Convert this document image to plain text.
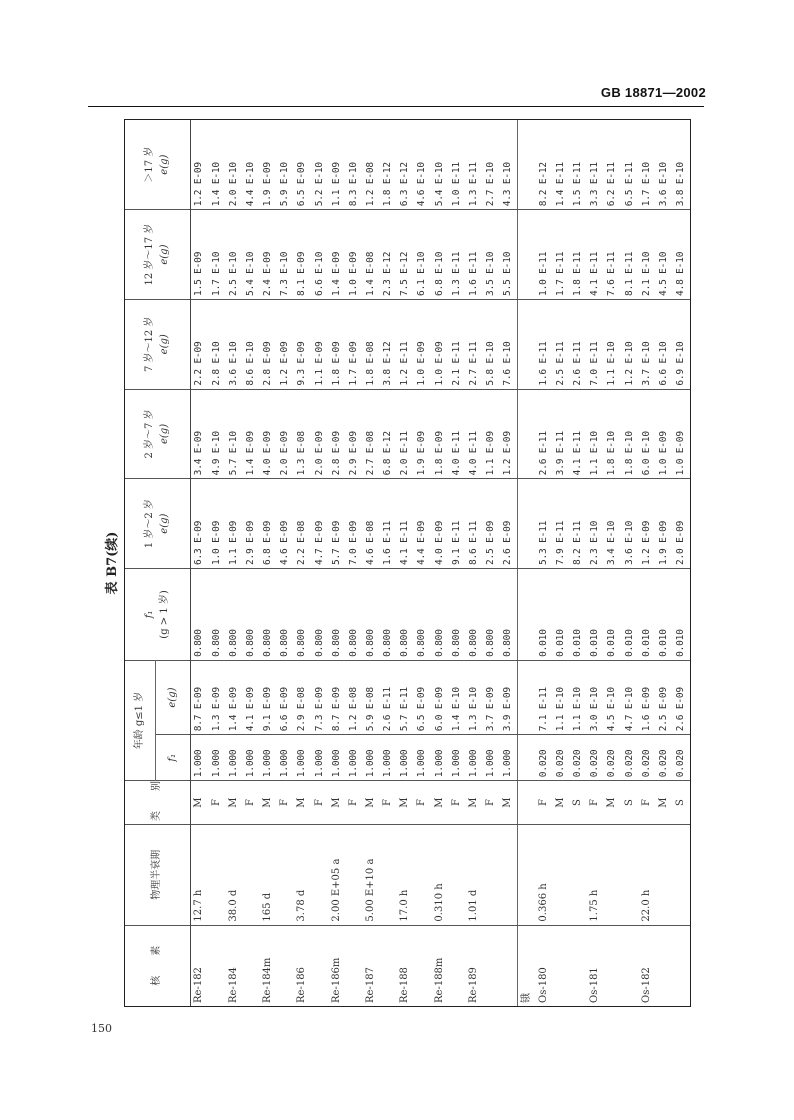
GB 18871—2002
表 B7(续)
核　　素	物理半衰期	类　　别	年龄 g≤1 岁		f₁ (g > 1 岁)	1 岁～2 岁 e(g)	2 岁～7 岁 e(g)	7 岁～12 岁 e(g)	12 岁～17 岁 e(g)	＞17 岁 e(g)
			f₁	e(g)						
Re-182	12.7 h	M	1.000	8.7 E-09	0.800	6.3 E-09	3.4 E-09	2.2 E-09	1.5 E-09	1.2 E-09
		F	1.000	1.3 E-09	0.800	1.0 E-09	4.9 E-10	2.8 E-10	1.7 E-10	1.4 E-10
Re-184	38.0 d	M	1.000	1.4 E-09	0.800	1.1 E-09	5.7 E-10	3.6 E-10	2.5 E-10	2.0 E-10
		F	1.000	4.1 E-09	0.800	2.9 E-09	1.4 E-09	8.6 E-10	5.4 E-10	4.4 E-10
Re-184m	165 d	M	1.000	9.1 E-09	0.800	6.8 E-09	4.0 E-09	2.8 E-09	2.4 E-09	1.9 E-09
		F	1.000	6.6 E-09	0.800	4.6 E-09	2.0 E-09	1.2 E-09	7.3 E-10	5.9 E-10
Re-186	3.78 d	M	1.000	2.9 E-08	0.800	2.2 E-08	1.3 E-08	9.3 E-09	8.1 E-09	6.5 E-09
		F	1.000	7.3 E-09	0.800	4.7 E-09	2.0 E-09	1.1 E-09	6.6 E-10	5.2 E-10
Re-186m	2.00 E+05 a	M	1.000	8.7 E-09	0.800	5.7 E-09	2.8 E-09	1.8 E-09	1.4 E-09	1.1 E-09
		F	1.000	1.2 E-08	0.800	7.0 E-09	2.9 E-09	1.7 E-09	1.0 E-09	8.3 E-10
Re-187	5.00 E+10 a	M	1.000	5.9 E-08	0.800	4.6 E-08	2.7 E-08	1.8 E-08	1.4 E-08	1.2 E-08
		F	1.000	2.6 E-11	0.800	1.6 E-11	6.8 E-12	3.8 E-12	2.3 E-12	1.8 E-12
Re-188	17.0 h	M	1.000	5.7 E-11	0.800	4.1 E-11	2.0 E-11	1.2 E-11	7.5 E-12	6.3 E-12
		F	1.000	6.5 E-09	0.800	4.4 E-09	1.9 E-09	1.0 E-09	6.1 E-10	4.6 E-10
Re-188m	0.310 h	M	1.000	6.0 E-09	0.800	4.0 E-09	1.8 E-09	1.0 E-09	6.8 E-10	5.4 E-10
		F	1.000	1.4 E-10	0.800	9.1 E-11	4.0 E-11	2.1 E-11	1.3 E-11	1.0 E-11
Re-189	1.01 d	M	1.000	1.3 E-10	0.800	8.6 E-11	4.0 E-11	2.7 E-11	1.6 E-11	1.3 E-11
		F	1.000	3.7 E-09	0.800	2.5 E-09	1.1 E-09	5.8 E-10	3.5 E-10	2.7 E-10
		M	1.000	3.9 E-09	0.800	2.6 E-09	1.2 E-09	7.6 E-10	5.5 E-10	4.3 E-10
锇										
Os-180	0.366 h	F	0.020	7.1 E-11	0.010	5.3 E-11	2.6 E-11	1.6 E-11	1.0 E-11	8.2 E-12
		M	0.020	1.1 E-10	0.010	7.9 E-11	3.9 E-11	2.5 E-11	1.7 E-11	1.4 E-11
		S	0.020	1.1 E-10	0.010	8.2 E-11	4.1 E-11	2.6 E-11	1.8 E-11	1.5 E-11
Os-181	1.75 h	F	0.020	3.0 E-10	0.010	2.3 E-10	1.1 E-10	7.0 E-11	4.1 E-11	3.3 E-11
		M	0.020	4.5 E-10	0.010	3.4 E-10	1.8 E-10	1.1 E-10	7.6 E-11	6.2 E-11
		S	0.020	4.7 E-10	0.010	3.6 E-10	1.8 E-10	1.2 E-10	8.1 E-11	6.5 E-11
Os-182	22.0 h	F	0.020	1.6 E-09	0.010	1.2 E-09	6.0 E-10	3.7 E-10	2.1 E-10	1.7 E-10
		M	0.020	2.5 E-09	0.010	1.9 E-09	1.0 E-09	6.6 E-10	4.5 E-10	3.6 E-10
		S	0.020	2.6 E-09	0.010	2.0 E-09	1.0 E-09	6.9 E-10	4.8 E-10	3.8 E-10
150
